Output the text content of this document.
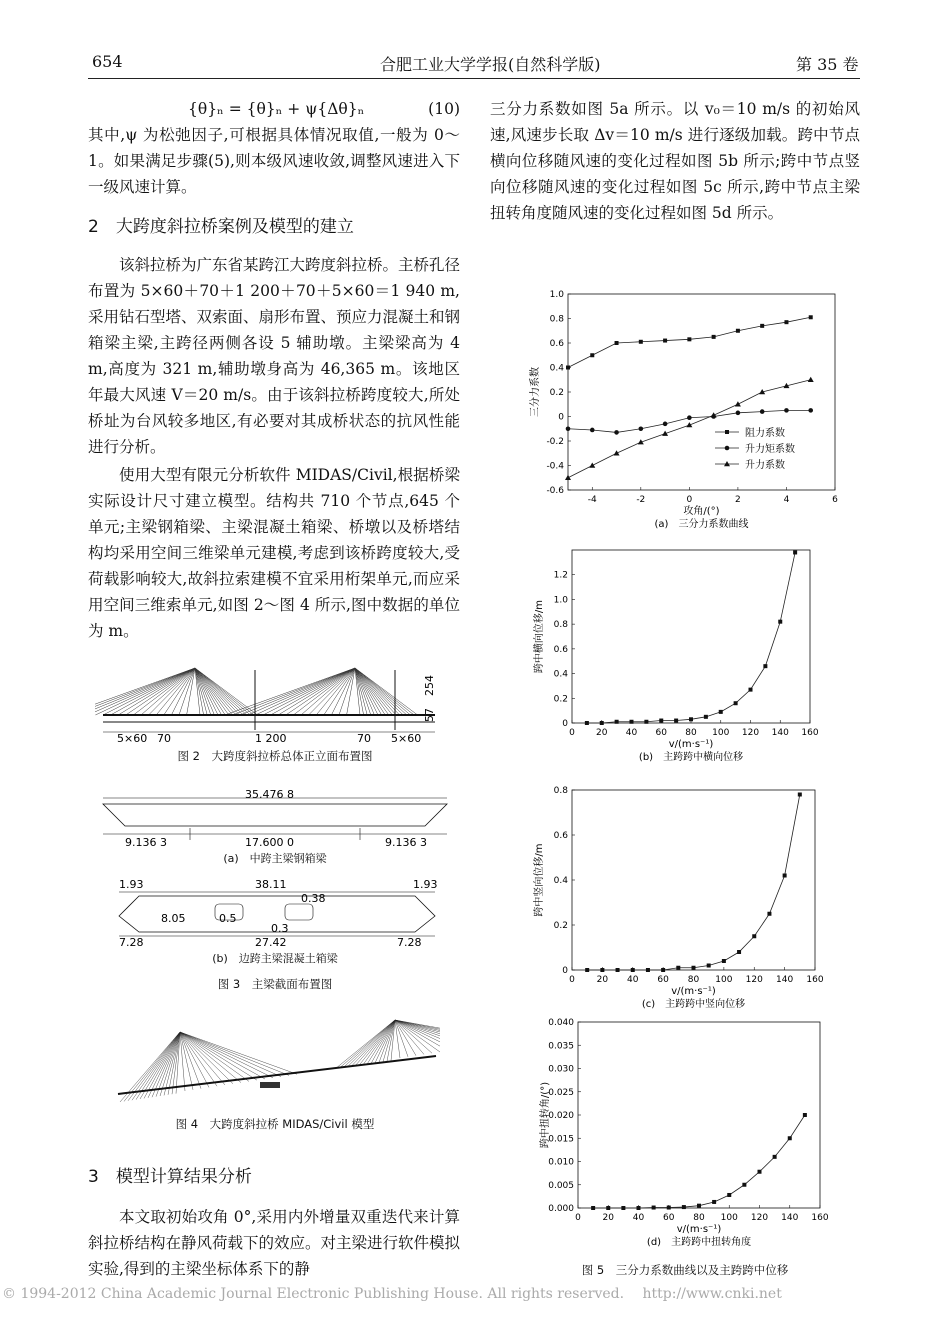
654	合肥工业大学学报(自然科学版)	第 35 卷

{θ}ₙ = {θ}ₙ + ψ{Δθ}ₙ	(10)

其中,ψ 为松弛因子,可根据具体情况取值,一般为 0～1。如果满足步骤(5),则本级风速收敛,调整风速进入下一级风速计算。

2　大跨度斜拉桥案例及模型的建立

该斜拉桥为广东省某跨江大跨度斜拉桥。主桥孔径布置为 5×60＋70＋1 200＋70＋5×60＝1 940 m,采用钻石型塔、双索面、扇形布置、预应力混凝土和钢箱梁主梁,主跨径两侧各设 5 辅助墩。主梁梁高为 4 m,高度为 321 m,辅助墩身高为 46,365 m。该地区年最大风速 V＝20 m/s。由于该斜拉桥跨度较大,所处桥址为台风较多地区,有必要对其成桥状态的抗风性能进行分析。

使用大型有限元分析软件 MIDAS/Civil,根据桥梁实际设计尺寸建立模型。结构共 710 个节点,645 个单元;主梁钢箱梁、主梁混凝土箱梁、桥墩以及桥塔结构均采用空间三维梁单元建模,考虑到该桥跨度较大,受荷载影响较大,故斜拉索建模不宜采用桁架单元,而应采用空间三维索单元,如图 2～图 4 所示,图中数据的单位为 m。

254
57
5×60 70	1 200	70 5×60
图 2　大跨度斜拉桥总体正立面布置图
35.476 8
9.136 3	17.600 0	9.136 3
(a)　中跨主梁钢箱梁
1.93	38.11	1.93
0.38
8.05	0.5
0.3
7.28	27.42	7.28
(b)　边跨主梁混凝土箱梁
图 3　主梁截面布置图
图 4　大跨度斜拉桥 MIDAS/Civil 模型

3　模型计算结果分析

本文取初始攻角 0°,采用内外增量双重迭代来计算斜拉桥结构在静风荷载下的效应。对主梁进行软件模拟实验,得到的主梁坐标体系下的静

三分力系数如图 5a 所示。以 v₀＝10 m/s 的初始风速,风速步长取 Δv＝10 m/s 进行逐级加载。跨中节点横向位移随风速的变化过程如图 5b 所示;跨中节点竖向位移随风速的变化过程如图 5c 所示,跨中节点主梁扭转角度随风速的变化过程如图 5d 所示。

-4	-2	0	2	4	6
-0.6
-0.4
-0.2
0
0.2
0.4
0.6
0.8
1.0
攻角/(°)
三分力系数
(a)　三分力系数曲线
阻力系数
升力矩系数
升力系数
0 20 40 60 80 100 120 140 160
0
0.2
0.4
0.6
0.8
1.0
1.2
v/(m·s⁻¹)
跨中横向位移/m
(b)　主跨跨中横向位移
0 20 40 60 80 100 120 140 160
0
0.2
0.4
0.6
0.8
v/(m·s⁻¹)
跨中竖向位移/m
(c)　主跨跨中竖向位移
0 20 40 60 80 100 120 140 160
0.000
0.005
0.010
0.015
0.020
0.025
0.030
0.035
0.040
v/(m·s⁻¹)
跨中扭转角/(°)
(d)　主跨跨中扭转角度
图 5　三分力系数曲线以及主跨跨中位移
© 1994-2012 China Academic Journal Electronic Publishing House. All rights reserved.　 http://www.cnki.net
